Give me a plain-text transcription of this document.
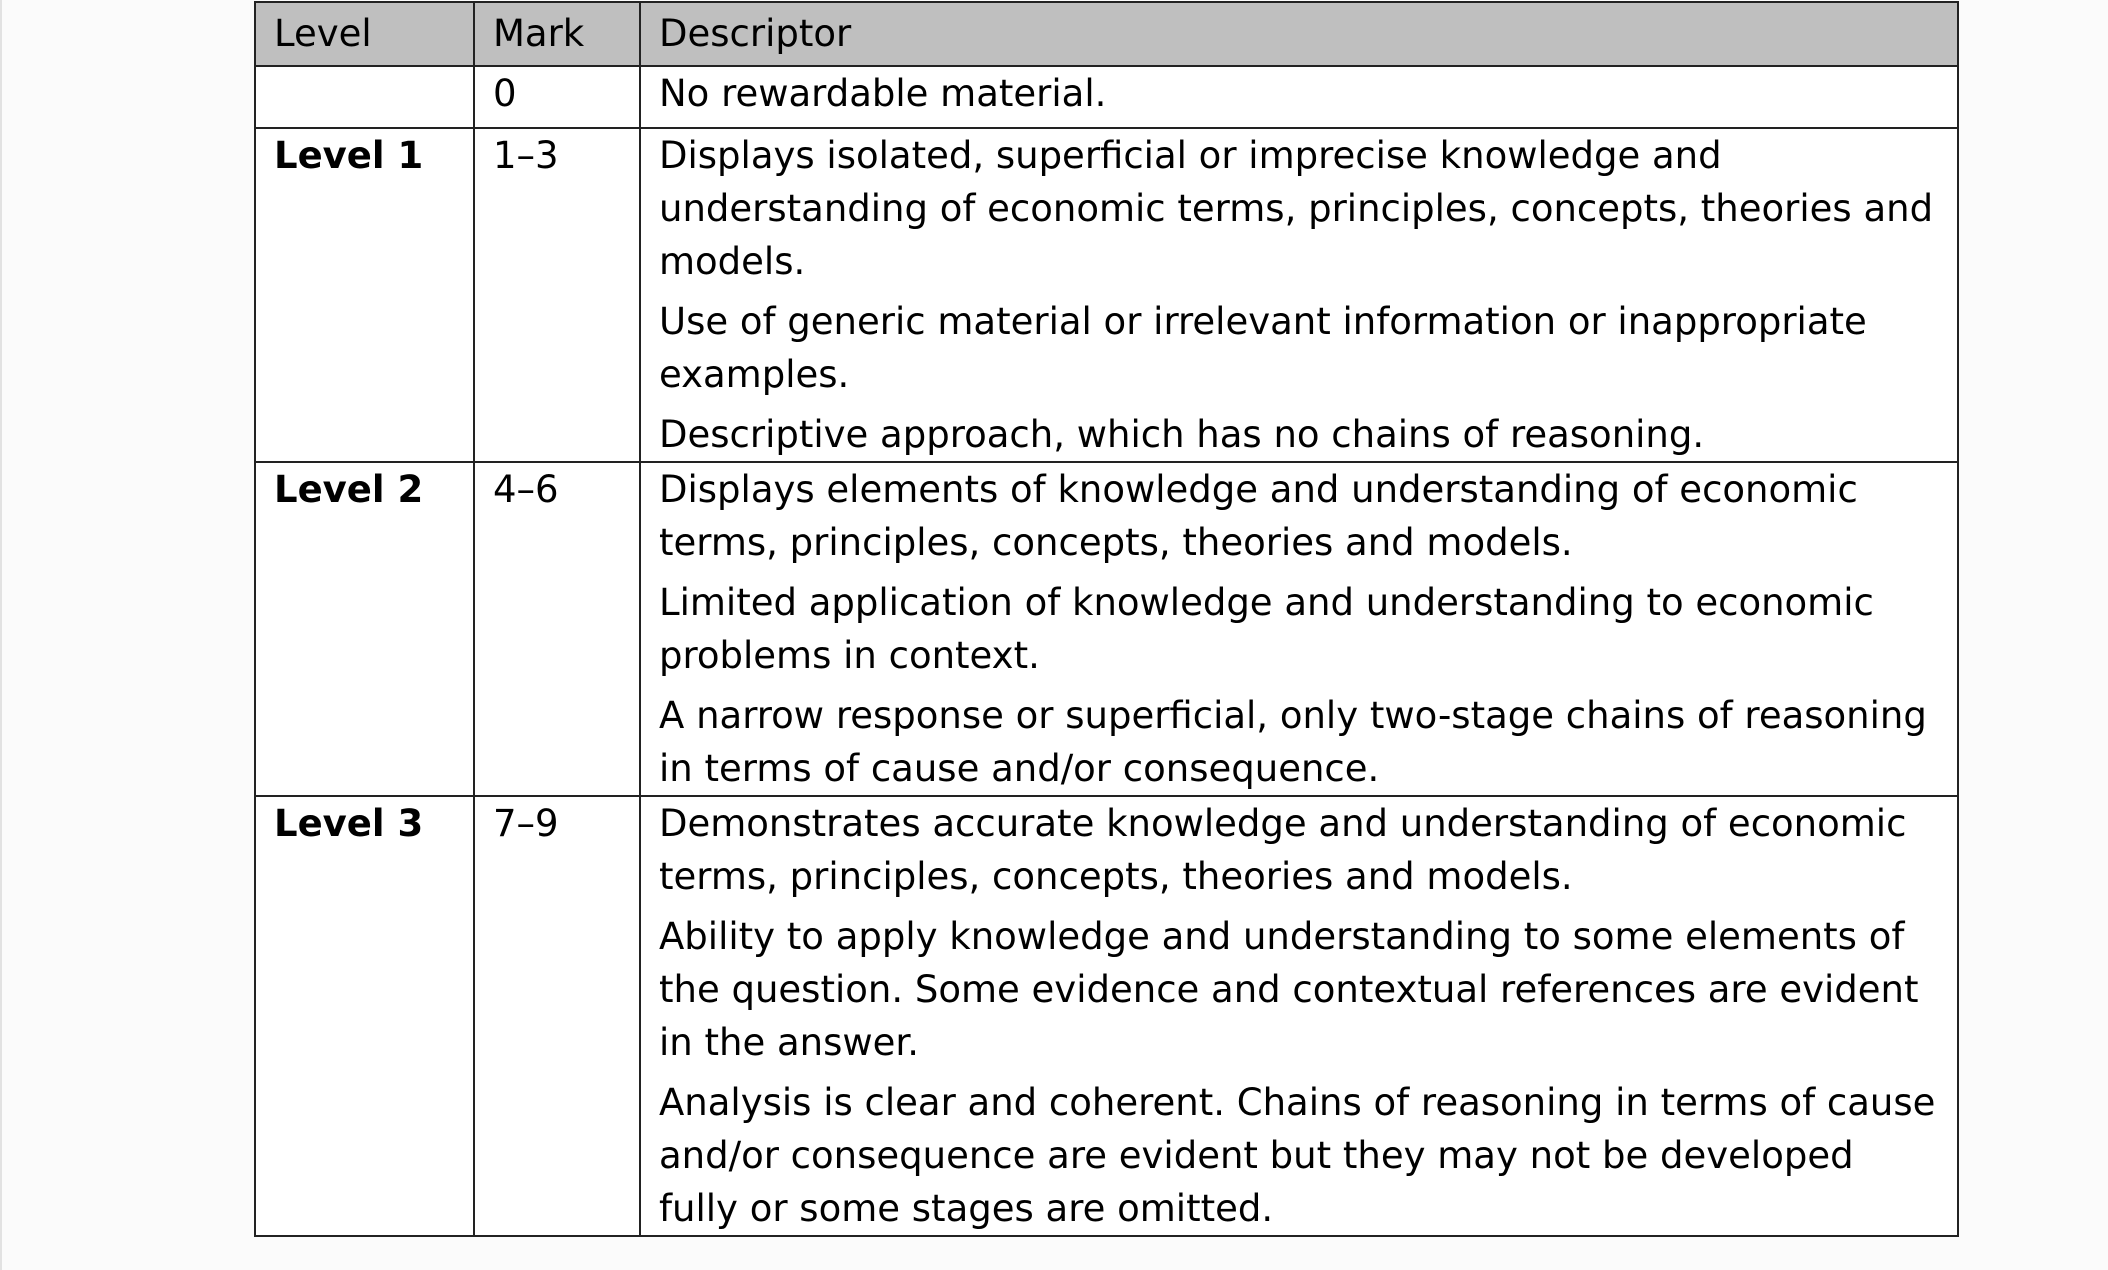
Level	Mark	Descriptor
	0	No rewardable material.
Level 1	1–3	Displays isolated, superficial or imprecise knowledge and understanding of economic terms, principles, concepts, theories and models.

Use of generic material or irrelevant information or inappropriate examples.

Descriptive approach, which has no chains of reasoning.

Level 2	4–6	Displays elements of knowledge and understanding of economic terms, principles, concepts, theories and models.

Limited application of knowledge and understanding to economic problems in context.

A narrow response or superficial, only two-stage chains of reasoning in terms of cause and/or consequence.

Level 3	7–9	Demonstrates accurate knowledge and understanding of economic terms, principles, concepts, theories and models.

Ability to apply knowledge and understanding to some elements of the question. Some evidence and contextual references are evident in the answer.

Analysis is clear and coherent. Chains of reasoning in terms of cause and/or consequence are evident but they may not be developed fully or some stages are omitted.
